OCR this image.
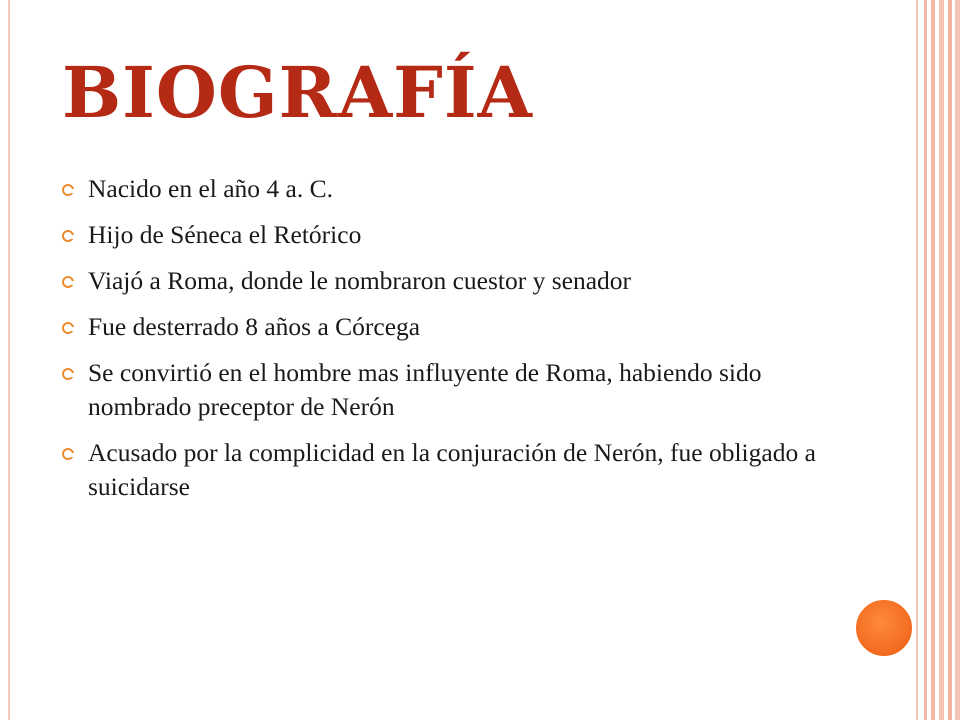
BIOGRAFÍA
Nacido en el año 4 a. C.
Hijo de Séneca el Retórico
Viajó a Roma, donde le nombraron cuestor y senador
Fue desterrado 8 años a Córcega
Se convirtió en el hombre mas influyente de Roma, habiendo sido nombrado preceptor de Nerón
Acusado por la complicidad en la conjuración de Nerón, fue obligado a suicidarse
